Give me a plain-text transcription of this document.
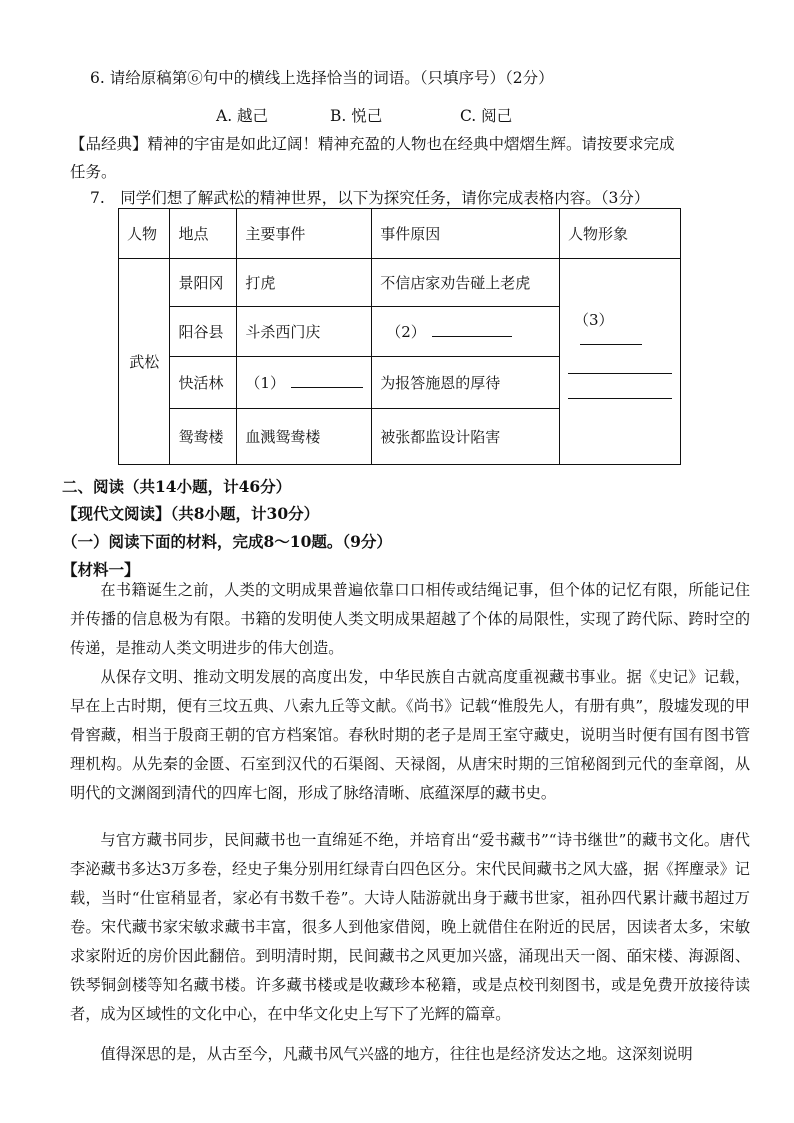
6. 请给原稿第⑥句中的横线上选择恰当的词语。（只填序号）（2分）
A. 越己	B. 悦己	C. 阅己
【品经典】精神的宇宙是如此辽阔！精神充盈的人物也在经典中熠熠生辉。请按要求完成
任务。
7.　同学们想了解武松的精神世界，以下为探究任务，请你完成表格内容。（3分）
人物	地点	主要事件	事件原因	人物形象
武松	景阳冈	打虎	不信店家劝告碰上老虎	（3）

	阳谷县	斗杀西门庆	（2）	
	快活林	（1）	为报答施恩的厚待	
	鸳鸯楼	血溅鸳鸯楼	被张都监设计陷害	
二、阅读（共14小题，计46分）
【现代文阅读】（共8小题，计30分）
（一）阅读下面的材料，完成8～10题。（9分）
【材料一】
在书籍诞生之前，人类的文明成果普遍依靠口口相传或结绳记事，但个体的记忆有限，所能记住并传播的信息极为有限。书籍的发明使人类文明成果超越了个体的局限性，实现了跨代际、跨时空的传递，是推动人类文明进步的伟大创造。
从保存文明、推动文明发展的高度出发，中华民族自古就高度重视藏书事业。据《史记》记载，早在上古时期，便有三坟五典、八索九丘等文献。《尚书》记载“惟殷先人，有册有典”，殷墟发现的甲骨窖藏，相当于殷商王朝的官方档案馆。春秋时期的老子是周王室守藏史，说明当时便有国有图书管理机构。从先秦的金匮、石室到汉代的石渠阁、天禄阁，从唐宋时期的三馆秘阁到元代的奎章阁，从明代的文渊阁到清代的四库七阁，形成了脉络清晰、底蕴深厚的藏书史。
与官方藏书同步，民间藏书也一直绵延不绝，并培育出“爱书藏书”“诗书继世”的藏书文化。唐代李泌藏书多达3万多卷，经史子集分别用红绿青白四色区分。宋代民间藏书之风大盛，据《挥麈录》记载，当时“仕宦稍显者，家必有书数千卷”。大诗人陆游就出身于藏书世家，祖孙四代累计藏书超过万卷。宋代藏书家宋敏求藏书丰富，很多人到他家借阅，晚上就借住在附近的民居，因读者太多，宋敏求家附近的房价因此翻倍。到明清时期，民间藏书之风更加兴盛，涌现出天一阁、皕宋楼、海源阁、铁琴铜剑楼等知名藏书楼。许多藏书楼或是收藏珍本秘籍，或是点校刊刻图书，或是免费开放接待读者，成为区域性的文化中心，在中华文化史上写下了光辉的篇章。
值得深思的是，从古至今，凡藏书风气兴盛的地方，往往也是经济发达之地。这深刻说明
